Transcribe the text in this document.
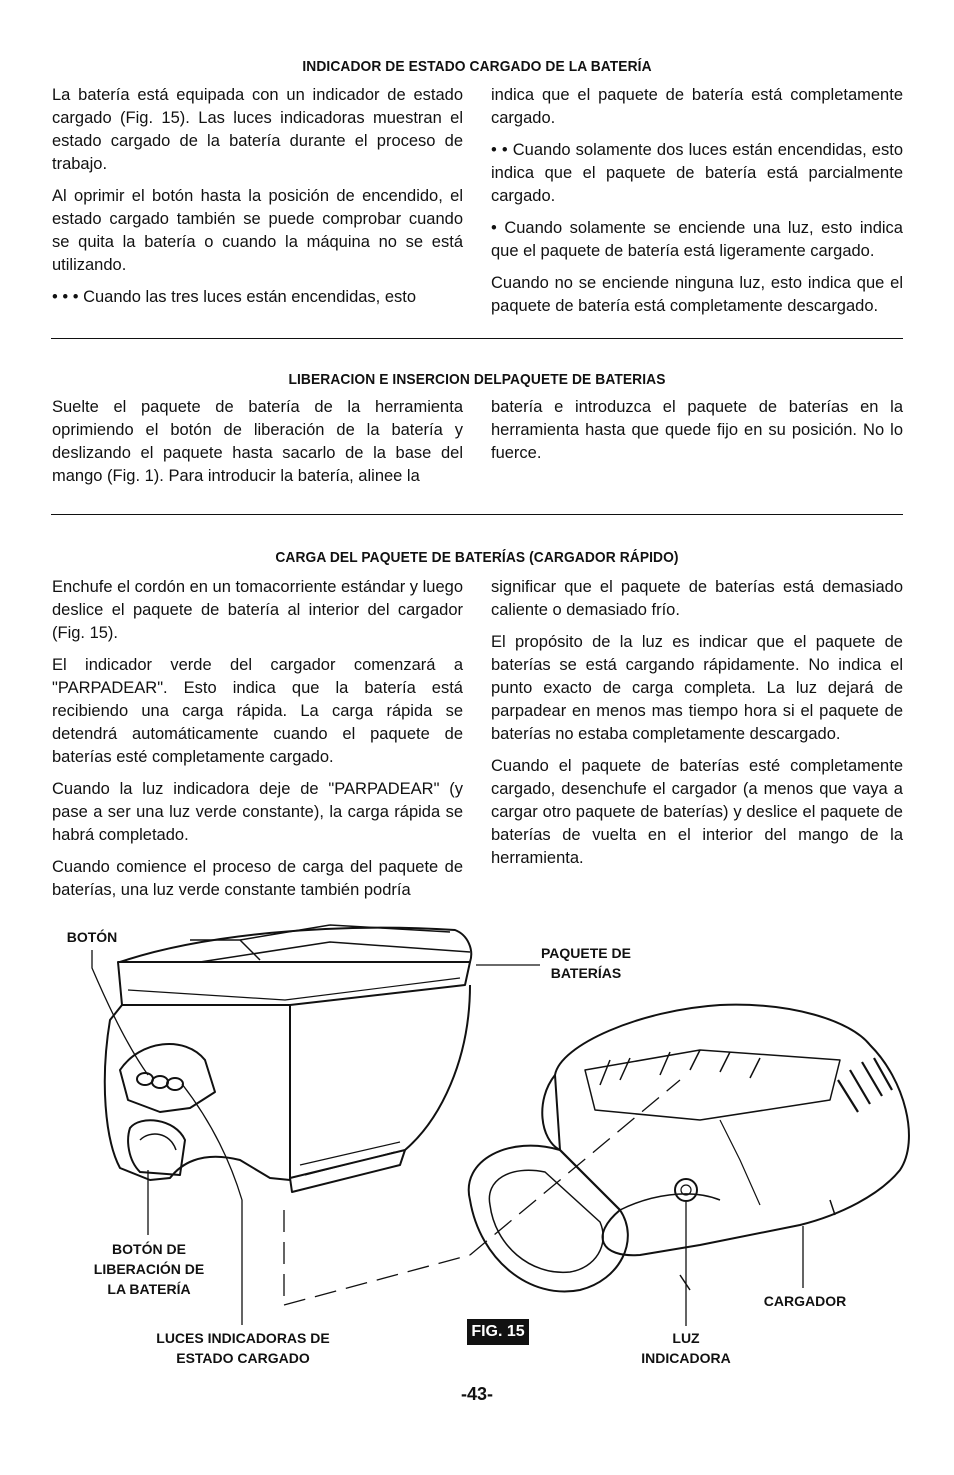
INDICADOR DE ESTADO CARGADO DE LA BATERÍA

La batería está equipada con un indicador de estado cargado (Fig. 15). Las luces indicadoras muestran el estado cargado de la batería durante el proceso de trabajo.

Al oprimir el botón hasta la posición de encendido, el estado cargado también se puede comprobar cuando se quita la batería o cuando la máquina no se está utilizando.

• • • Cuando las tres luces están encendidas, esto

indica que el paquete de batería está completamente cargado.

• • Cuando solamente dos luces están encendidas, esto indica que el paquete de batería está parcialmente cargado.

• Cuando solamente se enciende una luz, esto indica que el paquete de batería está ligeramente cargado.

Cuando no se enciende ninguna luz, esto indica que el paquete de batería está completamente descargado.

LIBERACION E INSERCION DELPAQUETE DE BATERIAS

Suelte el paquete de batería de la herramienta oprimiendo el botón de liberación de la batería y deslizando el paquete hasta sacarlo de la base del mango (Fig. 1). Para introducir la batería, alinee la

batería e introduzca el paquete de baterías en la herramienta hasta que quede fijo en su posición. No lo fuerce.

CARGA DEL PAQUETE DE BATERÍAS (CARGADOR RÁPIDO)

Enchufe el cordón en un tomacorriente estándar y luego deslice el paquete de batería al interior del cargador (Fig. 15).

El indicador verde del cargador comenzará a "PARPADEAR". Esto indica que la batería está recibiendo una carga rápida. La carga rápida se detendrá automáticamente cuando el paquete de baterías esté completamente cargado.

Cuando la luz indicadora deje de "PARPADEAR" (y pase a ser una luz verde constante), la carga rápida se habrá completado.

Cuando comience el proceso de carga del paquete de baterías, una luz verde constante también podría

significar que el paquete de baterías está demasiado caliente o demasiado frío.

El propósito de la luz es indicar que el paquete de baterías se está cargando rápidamente. No indica el punto exacto de carga completa. La luz dejará de parpadear en menos mas tiempo hora si el paquete de baterías no estaba completamente descargado.

Cuando el paquete de baterías esté completamente cargado, desenchufe el cargador (a menos que vaya a cargar otro paquete de baterías) y deslice el paquete de baterías de vuelta en el interior del mango de la herramienta.

BOTÓN
PAQUETE DE BATERÍAS
BOTÓN DE LIBERACIÓN DE LA BATERÍA
LUCES INDICADORAS DE ESTADO CARGADO
CARGADOR
LUZ INDICADORA
FIG. 15
-43-
